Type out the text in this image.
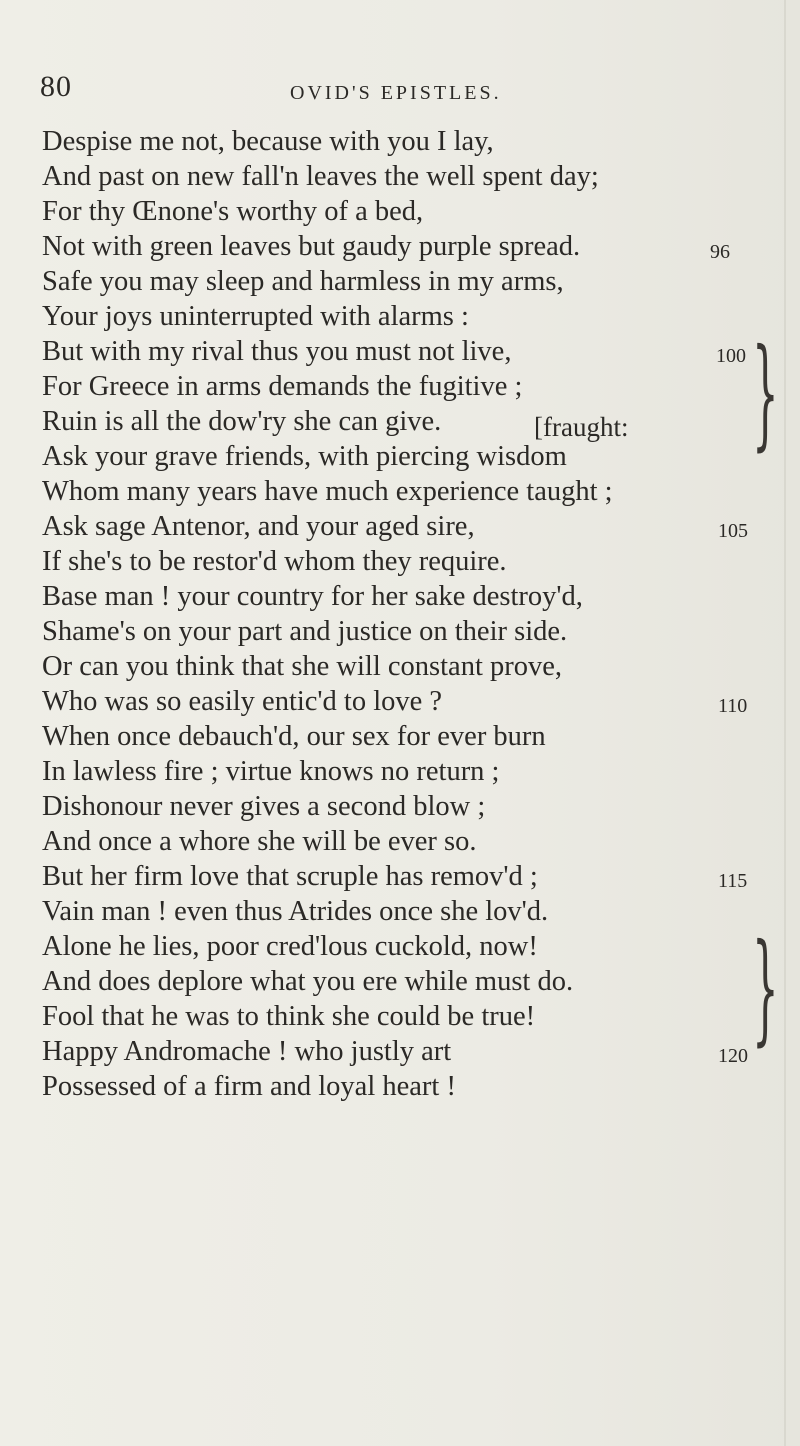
80	OVID'S EPISTLES.
Despise me not, because with you I lay,
And past on new fall'n leaves the well spent day;
For thy Œnone's worthy of a bed,
Not with green leaves but gaudy purple spread.
Safe you may sleep and harmless in my arms,
Your joys uninterrupted with alarms :
But with my rival thus you must not live,
For Greece in arms demands the fugitive ;
Ruin is all the dow'ry she can give.
Ask your grave friends, with piercing wisdom
Whom many years have much experience taught ;
Ask sage Antenor, and your aged sire,
If she's to be restor'd whom they require.
Base man ! your country for her sake destroy'd,
Shame's on your part and justice on their side.
Or can you think that she will constant prove,
Who was so easily entic'd to love ?
When once debauch'd, our sex for ever burn
In lawless fire ; virtue knows no return ;
Dishonour never gives a second blow ;
And once a whore she will be ever so.
But her firm love that scruple has remov'd ;
Vain man ! even thus Atrides once she lov'd.
Alone he lies, poor cred'lous cuckold, now!
And does deplore what you ere while must do.
Fool that he was to think she could be true!
Happy Andromache ! who justly art
Possessed of a firm and loyal heart !
[fraught:
96
100
105
110
115
120
}
}
